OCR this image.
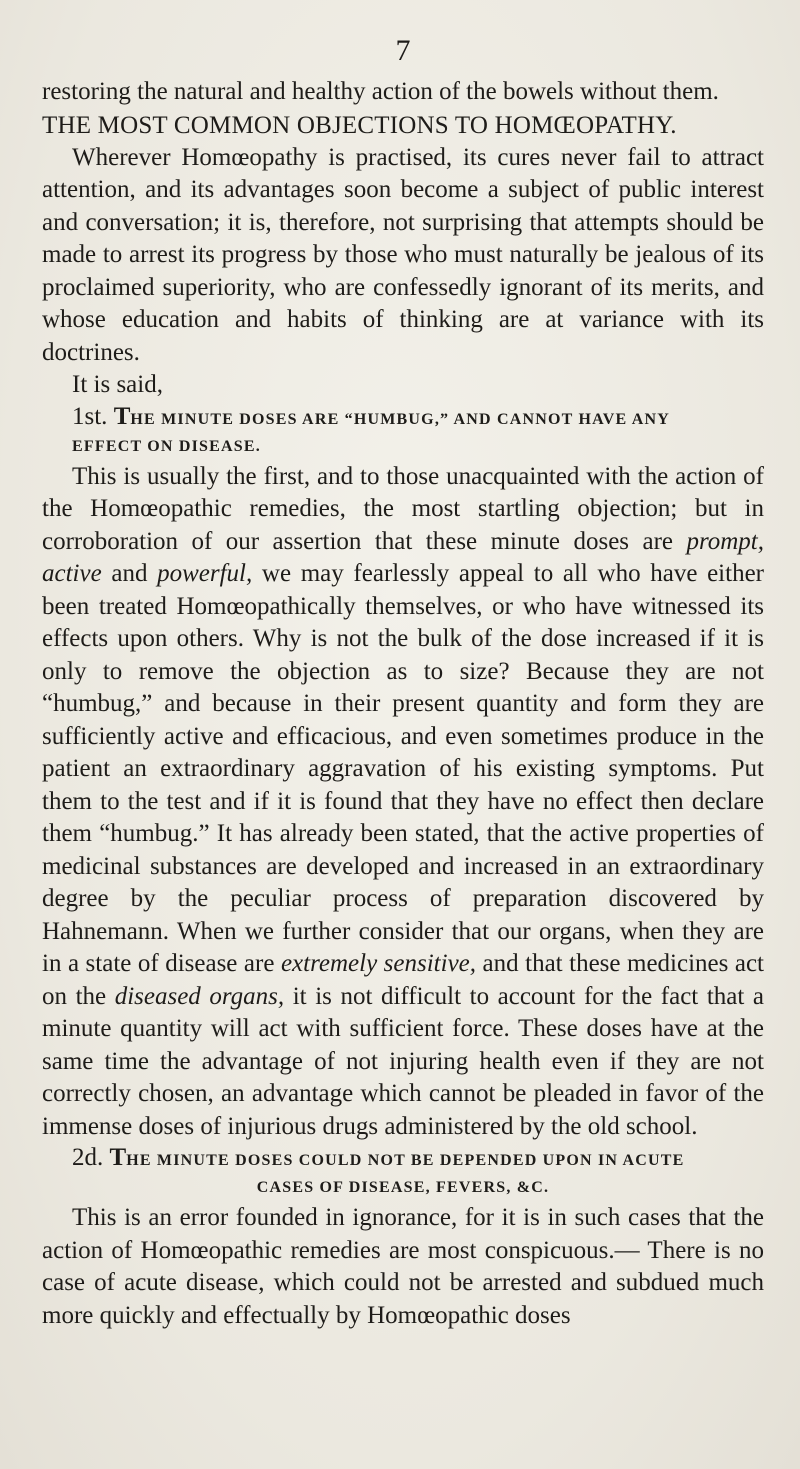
7

restoring the natural and healthy action of the bowels without them.

THE MOST COMMON OBJECTIONS TO HOMŒOPATHY.

Wherever Homœopathy is practised, its cures never fail to attract attention, and its advantages soon become a subject of public interest and conversation; it is, therefore, not surprising that attempts should be made to arrest its progress by those who must naturally be jealous of its proclaimed superiority, who are confessedly ignorant of its merits, and whose education and habits of thinking are at variance with its doctrines.

It is said,

1st. THE MINUTE DOSES ARE “HUMBUG,” AND CANNOT HAVE ANY
EFFECT ON DISEASE.

This is usually the first, and to those unacquainted with the action of the Homœopathic remedies, the most startling objection; but in corroboration of our assertion that these minute doses are prompt, active and powerful, we may fearlessly appeal to all who have either been treated Homœopathically themselves, or who have witnessed its effects upon others. Why is not the bulk of the dose increased if it is only to remove the objection as to size? Because they are not “humbug,” and because in their present quantity and form they are sufficiently active and efficacious, and even sometimes produce in the patient an extraordinary aggravation of his existing symptoms. Put them to the test and if it is found that they have no effect then declare them “humbug.” It has already been stated, that the active properties of medicinal substances are developed and increased in an extraordinary degree by the peculiar process of preparation discovered by Hahnemann. When we further consider that our organs, when they are in a state of disease are extremely sensitive, and that these medicines act on the diseased organs, it is not difficult to account for the fact that a minute quantity will act with sufficient force. These doses have at the same time the advantage of not injuring health even if they are not correctly chosen, an advantage which cannot be pleaded in favor of the immense doses of injurious drugs administered by the old school.

2d. THE MINUTE DOSES COULD NOT BE DEPENDED UPON IN ACUTE
CASES OF DISEASE, FEVERS, &C.

This is an error founded in ignorance, for it is in such cases that the action of Homœopathic remedies are most conspicuous.— There is no case of acute disease, which could not be arrested and subdued much more quickly and effectually by Homœopathic doses
